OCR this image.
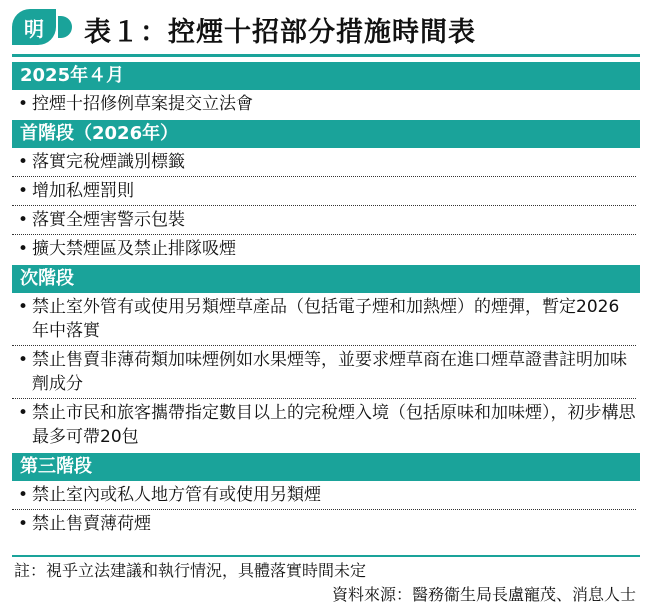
明	表１：控煙十招部分措施時間表
2025年４月
• 控煙十招修例草案提交立法會
首階段（2026年）
• 落實完稅煙識別標籤
• 增加私煙罰則
• 落實全煙害警示包裝
• 擴大禁煙區及禁止排隊吸煙
次階段
• 禁止室外管有或使用另類煙草產品（包括電子煙和加熱煙）的煙彈，暫定2026年中落實
• 禁止售賣非薄荷類加味煙例如水果煙等，並要求煙草商在進口煙草證書註明加味劑成分
• 禁止市民和旅客攜帶指定數目以上的完稅煙入境（包括原味和加味煙），初步構思最多可帶20包
第三階段
• 禁止室內或私人地方管有或使用另類煙
• 禁止售賣薄荷煙
註：視乎立法建議和執行情況，具體落實時間未定
資料來源：醫務衞生局長盧寵茂、消息人士
